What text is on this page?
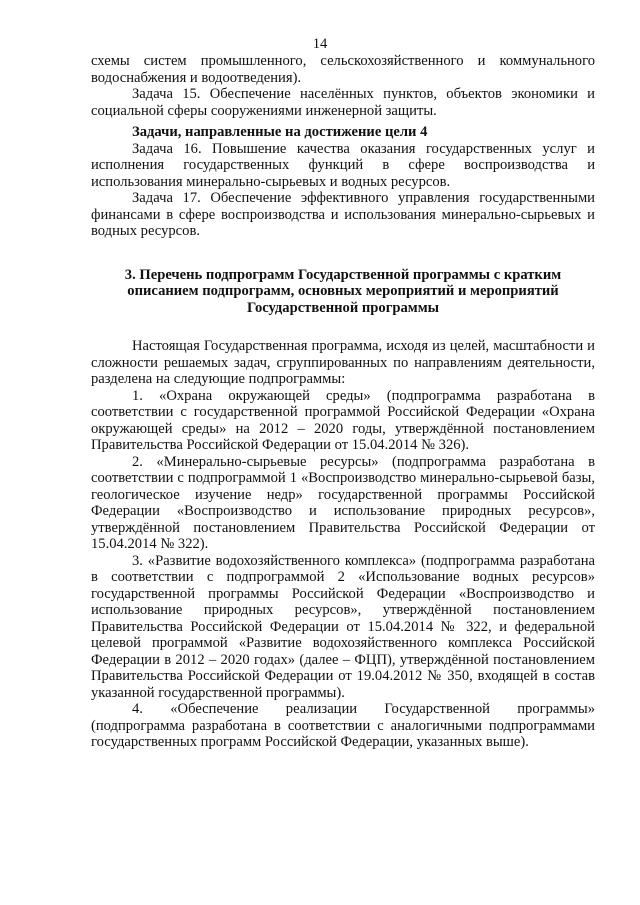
14

схемы систем промышленного, сельскохозяйственного и коммунального водоснабжения и водоотведения).

Задача 15. Обеспечение населённых пунктов, объектов экономики и социальной сферы сооружениями инженерной защиты.

Задачи, направленные на достижение цели 4

Задача 16. Повышение качества оказания государственных услуг и исполнения государственных функций в сфере воспроизводства и использования минерально-сырьевых и водных ресурсов.

Задача 17. Обеспечение эффективного управления государственными финансами в сфере воспроизводства и использования минерально-сырьевых и водных ресурсов.

3. Перечень подпрограмм Государственной программы с кратким описанием подпрограмм, основных мероприятий и мероприятий Государственной программы

Настоящая Государственная программа, исходя из целей, масштабности и сложности решаемых задач, сгруппированных по направлениям деятельности, разделена на следующие подпрограммы:

1. «Охрана окружающей среды» (подпрограмма разработана в соответствии с государственной программой Российской Федерации «Охрана окружающей среды» на 2012 – 2020 годы, утверждённой постановлением Правительства Российской Федерации от 15.04.2014 № 326).

2. «Минерально-сырьевые ресурсы» (подпрограмма разработана в соответствии с подпрограммой 1 «Воспроизводство минерально-сырьевой базы, геологическое изучение недр» государственной программы Российской Федерации «Воспроизводство и использование природных ресурсов», утверждённой постановлением Правительства Российской Федерации от 15.04.2014 № 322).

3. «Развитие водохозяйственного комплекса» (подпрограмма разработана в соответствии с подпрограммой 2 «Использование водных ресурсов» государственной программы Российской Федерации «Воспроизводство и использование природных ресурсов», утверждённой постановлением Правительства Российской Федерации от 15.04.2014 № 322, и федеральной целевой программой «Развитие водохозяйственного комплекса Российской Федерации в 2012 – 2020 годах» (далее – ФЦП), утверждённой постановлением Правительства Российской Федерации от 19.04.2012 № 350, входящей в состав указанной государственной программы).

4. «Обеспечение реализации Государственной программы» (подпрограмма разработана в соответствии с аналогичными подпрограммами государственных программ Российской Федерации, указанных выше).
